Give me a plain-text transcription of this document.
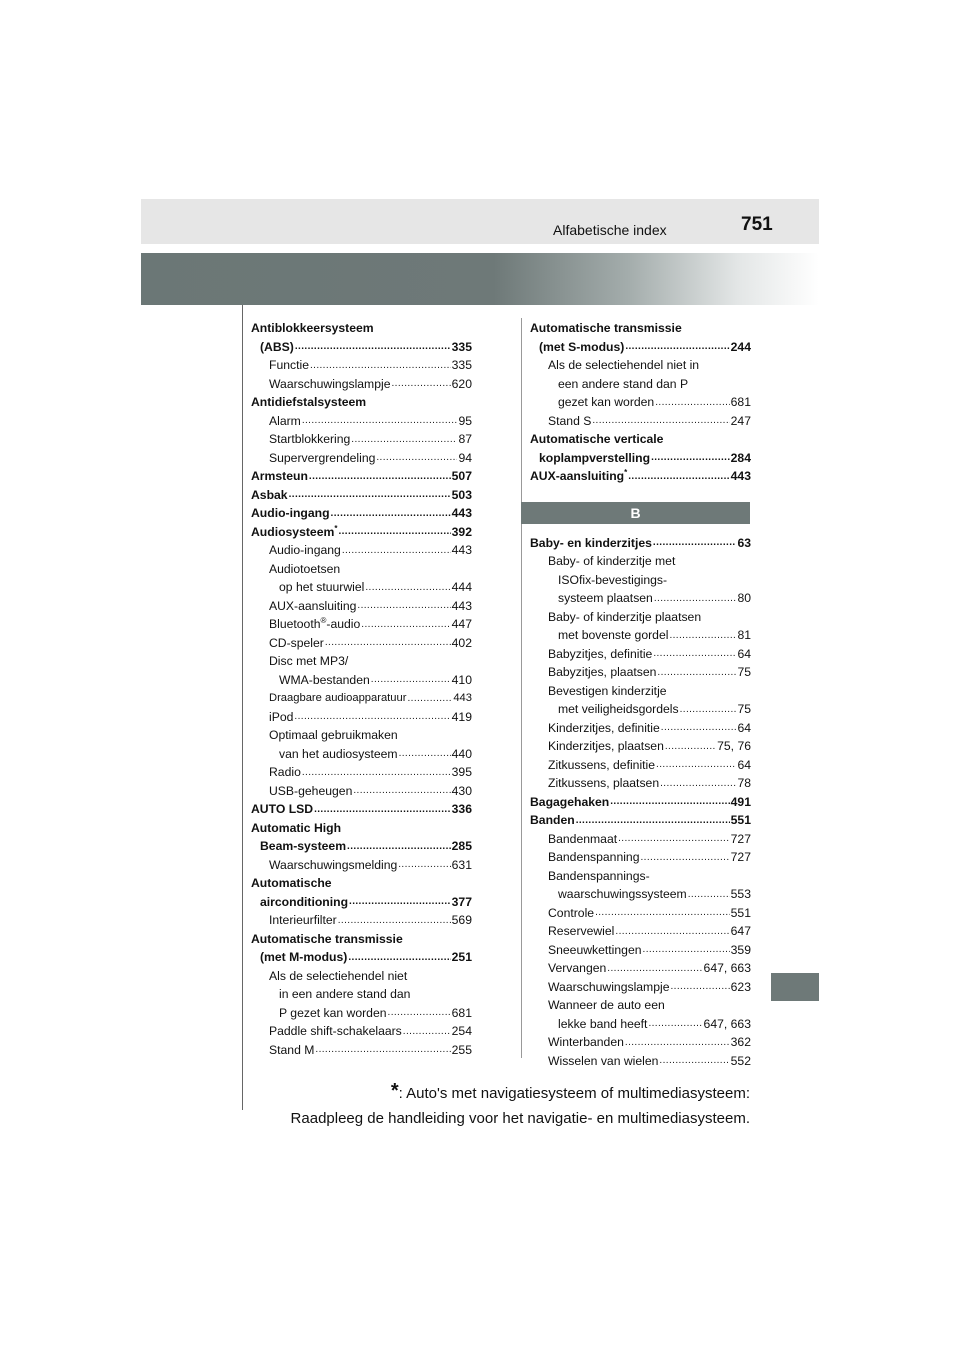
Alfabetische index	751
Antiblokkeersysteem
(ABS) .....	335
Functie .....	335
Waarschuwingslampje .....	620
Antidiefstalsysteem
Alarm .....	95
Startblokkering .....	87
Supervergrendeling .....	94
Armsteun .....	507
Asbak .....	503
Audio-ingang .....	443
Audiosysteem* .....	392
Audio-ingang .....	443
Audiotoetsen
op het stuurwiel .....	444
AUX-aansluiting .....	443
Bluetooth®-audio .....	447
CD-speler .....	402
Disc met MP3/
WMA-bestanden .....	410
Draagbare audioapparatuur .....	443
iPod .....	419
Optimaal gebruikmaken
van het audiosysteem .....	440
Radio .....	395
USB-geheugen .....	430
AUTO LSD .....	336
Automatic High
Beam-systeem .....	285
Waarschuwingsmelding .....	631
Automatische
airconditioning .....	377
Interieurfilter .....	569
Automatische transmissie
(met M-modus) .....	251
Als de selectiehendel niet
in een andere stand dan
P gezet kan worden .....	681
Paddle shift-schakelaars .....	254
Stand M .....	255
Automatische transmissie
(met S-modus) .....	244
Als de selectiehendel niet in
een andere stand dan P
gezet kan worden .....	681
Stand S .....	247
Automatische verticale
koplampverstelling .....	284
AUX-aansluiting* .....	443
B
Baby- en kinderzitjes .....	63
Baby- of kinderzitje met
ISOfix-bevestigings-
systeem plaatsen .....	80
Baby- of kinderzitje plaatsen
met bovenste gordel .....	81
Babyzitjes, definitie .....	64
Babyzitjes, plaatsen .....	75
Bevestigen kinderzitje
met veiligheidsgordels .....	75
Kinderzitjes, definitie .....	64
Kinderzitjes, plaatsen .....	75, 76
Zitkussens, definitie .....	64
Zitkussens, plaatsen .....	78
Bagagehaken .....	491
Banden .....	551
Bandenmaat .....	727
Bandenspanning .....	727
Bandenspannings-
waarschuwingssysteem .....	553
Controle .....	551
Reservewiel .....	647
Sneeuwkettingen .....	359
Vervangen .....	647, 663
Waarschuwingslampje .....	623
Wanneer de auto een
lekke band heeft .....	647, 663
Winterbanden .....	362
Wisselen van wielen .....	552
*: Auto's met navigatiesysteem of multimediasysteem:
Raadpleeg de handleiding voor het navigatie- en multimediasysteem.
